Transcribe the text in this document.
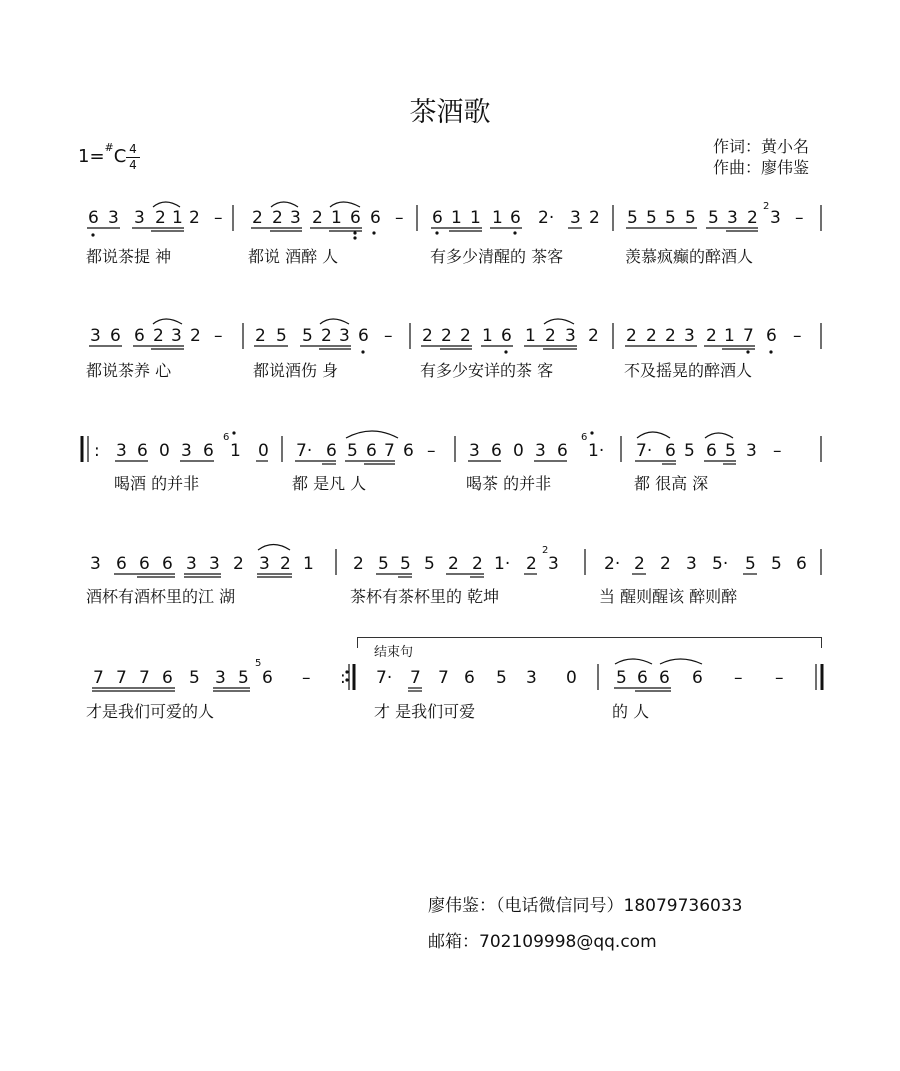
茶酒歌
1=#C 4
4
作词：黄小名
作曲：廖伟鉴
6 3 3 2 1 2 – 2 2 3 2 1 6 6 – 6 1 1 1 6 2· 3 2 5 5 5 5 5 3 2 3 –
2
都说茶提 神	都说 酒醉 人	有多少清醒的 茶客	羡慕疯癫的醉酒人
3 6 6 2 3 2 – 2 5 5 2 3 6 – 2 2 2 1 6 1 2 3 2 2 2 2 3 2 1 7 6 –
都说茶养 心	都说酒伤 身	有多少安详的茶 客	不及摇晃的醉酒人
: 3 6 0 3 6 1 0 7· 6 5 6 7 6 – 3 6 0 3 6 1· 7· 6 5 6 5 3 –
6	6
喝酒 的并非	都 是凡 人	喝茶 的并非	都 很高 深
3 6 6 6 3 3 2 3 2 1 2 5 5 5 2 2 1· 2 3	2· 2 2 3 5· 5 5 6
2
酒杯有酒杯里的江 湖	茶杯有茶杯里的 乾坤	当 醒则醒该 醉则醉
结束句
7 7 7 6 5 3 5 6 – : 7· 7 7 6 5 3 0 5 6 6 6 – –
5
才是我们可爱的人	才 是我们可爱	的 人
廖伟鉴：（电话微信同号）18079736033
邮箱：702109998@qq.com
